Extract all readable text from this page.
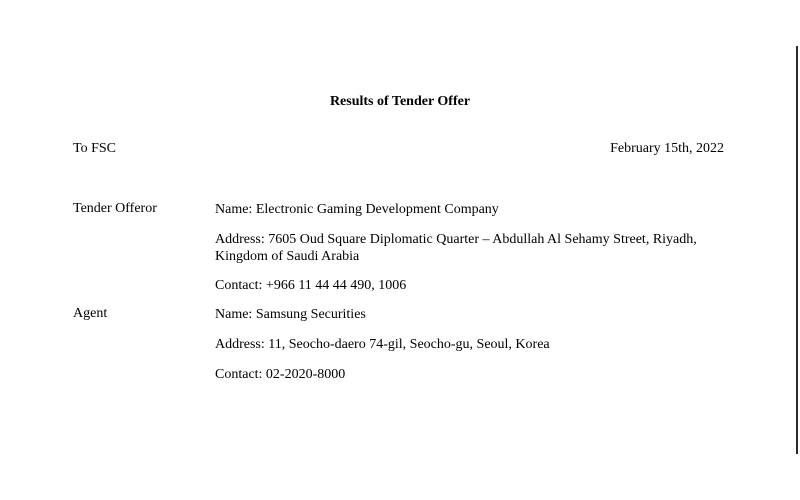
Results of Tender Offer
To FSC	February 15th, 2022
Tender Offeror	Name: Electronic Gaming Development Company
Address: 7605 Oud Square Diplomatic Quarter – Abdullah Al Sehamy Street, Riyadh, Kingdom of Saudi Arabia
Contact: +966 11 44 44 490, 1006
Agent	Name: Samsung Securities
Address: 11, Seocho-daero 74-gil, Seocho-gu, Seoul, Korea
Contact: 02-2020-8000
